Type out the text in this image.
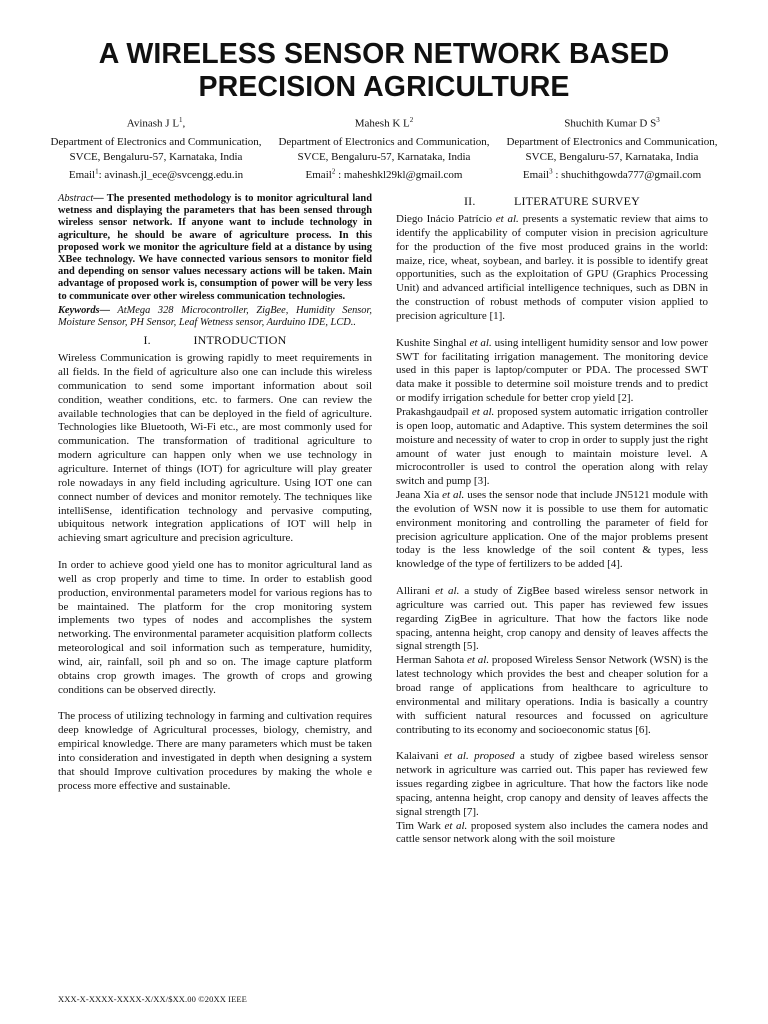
A WIRELESS SENSOR NETWORK BASED PRECISION AGRICULTURE
Avinash J $L^1$,
Department of Electronics and Communication, SVCE, Bengaluru-57, Karnataka, India
Email$^1$: avinash.jl_ece@svcengg.edu.in
Mahesh K $L^2$
Department of Electronics and Communication, SVCE, Bengaluru-57, Karnataka, India
Email$^2$ : maheshkl29kl@gmail.com
Shuchith Kumar D $S^3$
Department of Electronics and Communication, SVCE, Bengaluru-57, Karnataka, India
Email$^3$ : shuchithgowda777@gmail.com

Abstract— The presented methodology is to monitor agricultural land wetness and displaying the parameters that has been sensed through wireless sensor network. If anyone want to include technology in agriculture, he should be aware of agriculture process. In this proposed work we monitor the agriculture field at a distance by using XBee technology. We have connected various sensors to monitor field and depending on sensor values necessary actions will be taken. Main advantage of proposed work is, consumption of power will be very less to communicate over other wireless communication technologies.

Keywords— AtMega 328 Microcontroller, ZigBee, Humidity Sensor, Moisture Sensor, PH Sensor, Leaf Wetness sensor, Aurduino IDE, LCD..

I.	INTRODUCTION

Wireless Communication is growing rapidly to meet requirements in all fields. In the field of agriculture also one can include this wireless communication to send some important information about soil condition, weather conditions, etc. to farmers. One can review the available technologies that can be deployed in the field of agriculture. Technologies like Bluetooth, Wi-Fi etc., are most commonly used for communication. The transformation of traditional agriculture to modern agriculture can happen only when we use technology in agriculture. Internet of things (IOT) for agriculture will play greater role nowadays in any field including agriculture. Using IOT one can connect number of devices and monitor remotely. The techniques like intelliSense, identification technology and pervasive computing, ubiquitous network integration applications of IOT will help in achieving smart agriculture and precision agriculture.

In order to achieve good yield one has to monitor agricultural land as well as crop properly and time to time. In order to establish good production, environmental parameters model for various regions has to be maintained. The platform for the crop monitoring system implements two types of nodes and accomplishes the system networking. The environmental parameter acquisition platform collects meteorological and soil information such as temperature, humidity, wind, air, rainfall, soil ph and so on. The image capture platform obtains crop growth images. The growth of crops and growing conditions can be observed directly.

The process of utilizing technology in farming and cultivation requires deep knowledge of Agricultural processes, biology, chemistry, and empirical knowledge. There are many parameters which must be taken into consideration and investigated in depth when designing a system that should Improve cultivation procedures by making the whole e process more effective and sustainable.

II.	LITERATURE SURVEY

Diego Inácio Patrício et al. presents a systematic review that aims to identify the applicability of computer vision in precision agriculture for the production of the five most produced grains in the world: maize, rice, wheat, soybean, and barley. it is possible to identify great opportunities, such as the exploitation of GPU (Graphics Processing Unit) and advanced artificial intelligence techniques, such as DBN in the construction of robust methods of computer vision applied to precision agriculture [1].

Kushite Singhal et al. using intelligent humidity sensor and low power SWT for facilitating irrigation management. The monitoring device used in this paper is laptop/computer or PDA. The processed SWT data make it possible to determine soil moisture trends and to predict or modify irrigation schedule for better crop yield [2].

Prakashgaudpail et al. proposed system automatic irrigation controller is open loop, automatic and Adaptive. This system determines the soil moisture and necessity of water to crop in order to supply just the right amount of water just enough to maintain moisture level. A microcontroller is used to control the operation along with relay switch and pump [3].

Jeana Xia et al. uses the sensor node that include JN5121 module with the evolution of WSN now it is possible to use them for automatic environment monitoring and controlling the parameter of field for precision agriculture application. One of the major problems present today is the less knowledge of the soil content & types, less knowledge of the type of fertilizers to be added [4].

Allirani et al. a study of ZigBee based wireless sensor network in agriculture was carried out. This paper has reviewed few issues regarding ZigBee in agriculture. That how the factors like node spacing, antenna height, crop canopy and density of leaves affects the signal strength [5].

Herman Sahota et al. proposed Wireless Sensor Network (WSN) is the latest technology which provides the best and cheaper solution for a broad range of applications from healthcare to agriculture to environmental and military operations. India is basically a country with sufficient natural resources and focussed on agriculture contributing to its economy and socioeconomic status [6].

Kalaivani et al. proposed a study of zigbee based wireless sensor network in agriculture was carried out. This paper has reviewed few issues regarding zigbee in agriculture. That how the factors like node spacing, antenna height, crop canopy and density of leaves affects the signal strength [7].

Tim Wark et al. proposed system also includes the camera nodes and cattle sensor network along with the soil moisture

XXX-X-XXXX-XXXX-X/XX/$XX.00 ©20XX IEEE
